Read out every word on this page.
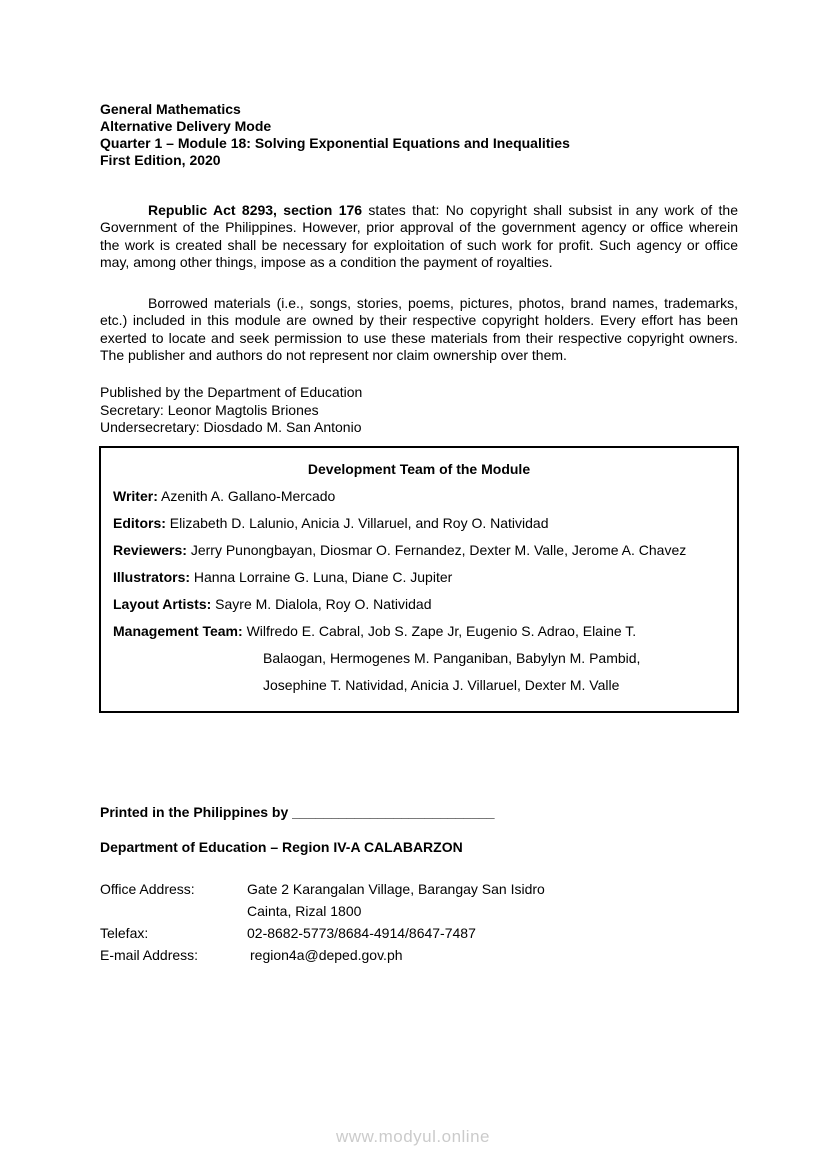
General Mathematics
Alternative Delivery Mode
Quarter 1 – Module 18: Solving Exponential Equations and Inequalities
First Edition, 2020

Republic Act 8293, section 176 states that: No copyright shall subsist in any work of the Government of the Philippines. However, prior approval of the government agency or office wherein the work is created shall be necessary for exploitation of such work for profit. Such agency or office may, among other things, impose as a condition the payment of royalties.

Borrowed materials (i.e., songs, stories, poems, pictures, photos, brand names, trademarks, etc.) included in this module are owned by their respective copyright holders. Every effort has been exerted to locate and seek permission to use these materials from their respective copyright owners. The publisher and authors do not represent nor claim ownership over them.

Published by the Department of Education
Secretary: Leonor Magtolis Briones
Undersecretary: Diosdado M. San Antonio
Development Team of the Module
Writer: Azenith A. Gallano-Mercado
Editors: Elizabeth D. Lalunio, Anicia J. Villaruel, and Roy O. Natividad
Reviewers: Jerry Punongbayan, Diosmar O. Fernandez, Dexter M. Valle, Jerome A. Chavez
Illustrators: Hanna Lorraine G. Luna, Diane C. Jupiter
Layout Artists: Sayre M. Dialola, Roy O. Natividad
Management Team: Wilfredo E. Cabral, Job S. Zape Jr, Eugenio S. Adrao, Elaine T.
Balaogan, Hermogenes M. Panganiban, Babylyn M. Pambid,
Josephine T. Natividad, Anicia J. Villaruel, Dexter M. Valle
Printed in the Philippines by __________________________
Department of Education – Region IV-A CALABARZON
Office Address:	Gate 2 Karangalan Village, Barangay San Isidro
Cainta, Rizal 1800
Telefax:	02-8682-5773/8684-4914/8647-7487
E-mail Address:	region4a@deped.gov.ph
www.modyul.online
